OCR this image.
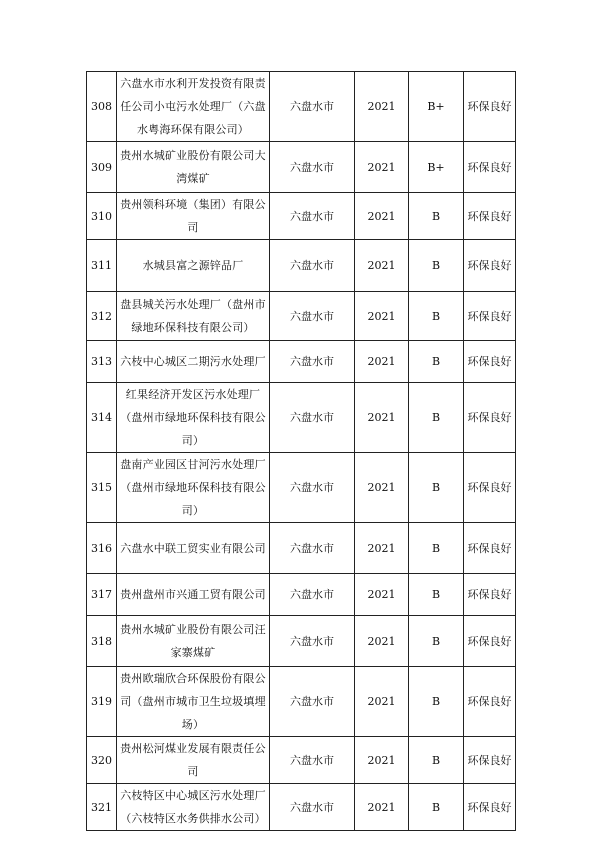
308	六盘水市水利开发投资有限责任公司小屯污水处理厂（六盘水粤海环保有限公司）	六盘水市	2021	B+	环保良好
309	贵州水城矿业股份有限公司大湾煤矿	六盘水市	2021	B+	环保良好
310	贵州领科环境（集团）有限公司	六盘水市	2021	B	环保良好
311	水城县富之源锌品厂	六盘水市	2021	B	环保良好
312	盘县城关污水处理厂（盘州市绿地环保科技有限公司）	六盘水市	2021	B	环保良好
313	六枝中心城区二期污水处理厂	六盘水市	2021	B	环保良好
314	红果经济开发区污水处理厂（盘州市绿地环保科技有限公司）	六盘水市	2021	B	环保良好
315	盘南产业园区甘河污水处理厂（盘州市绿地环保科技有限公司）	六盘水市	2021	B	环保良好
316	六盘水中联工贸实业有限公司	六盘水市	2021	B	环保良好
317	贵州盘州市兴通工贸有限公司	六盘水市	2021	B	环保良好
318	贵州水城矿业股份有限公司汪家寨煤矿	六盘水市	2021	B	环保良好
319	贵州欧瑞欣合环保股份有限公司（盘州市城市卫生垃圾填埋场）	六盘水市	2021	B	环保良好
320	贵州松河煤业发展有限责任公司	六盘水市	2021	B	环保良好
321	六枝特区中心城区污水处理厂（六枝特区水务供排水公司）	六盘水市	2021	B	环保良好
